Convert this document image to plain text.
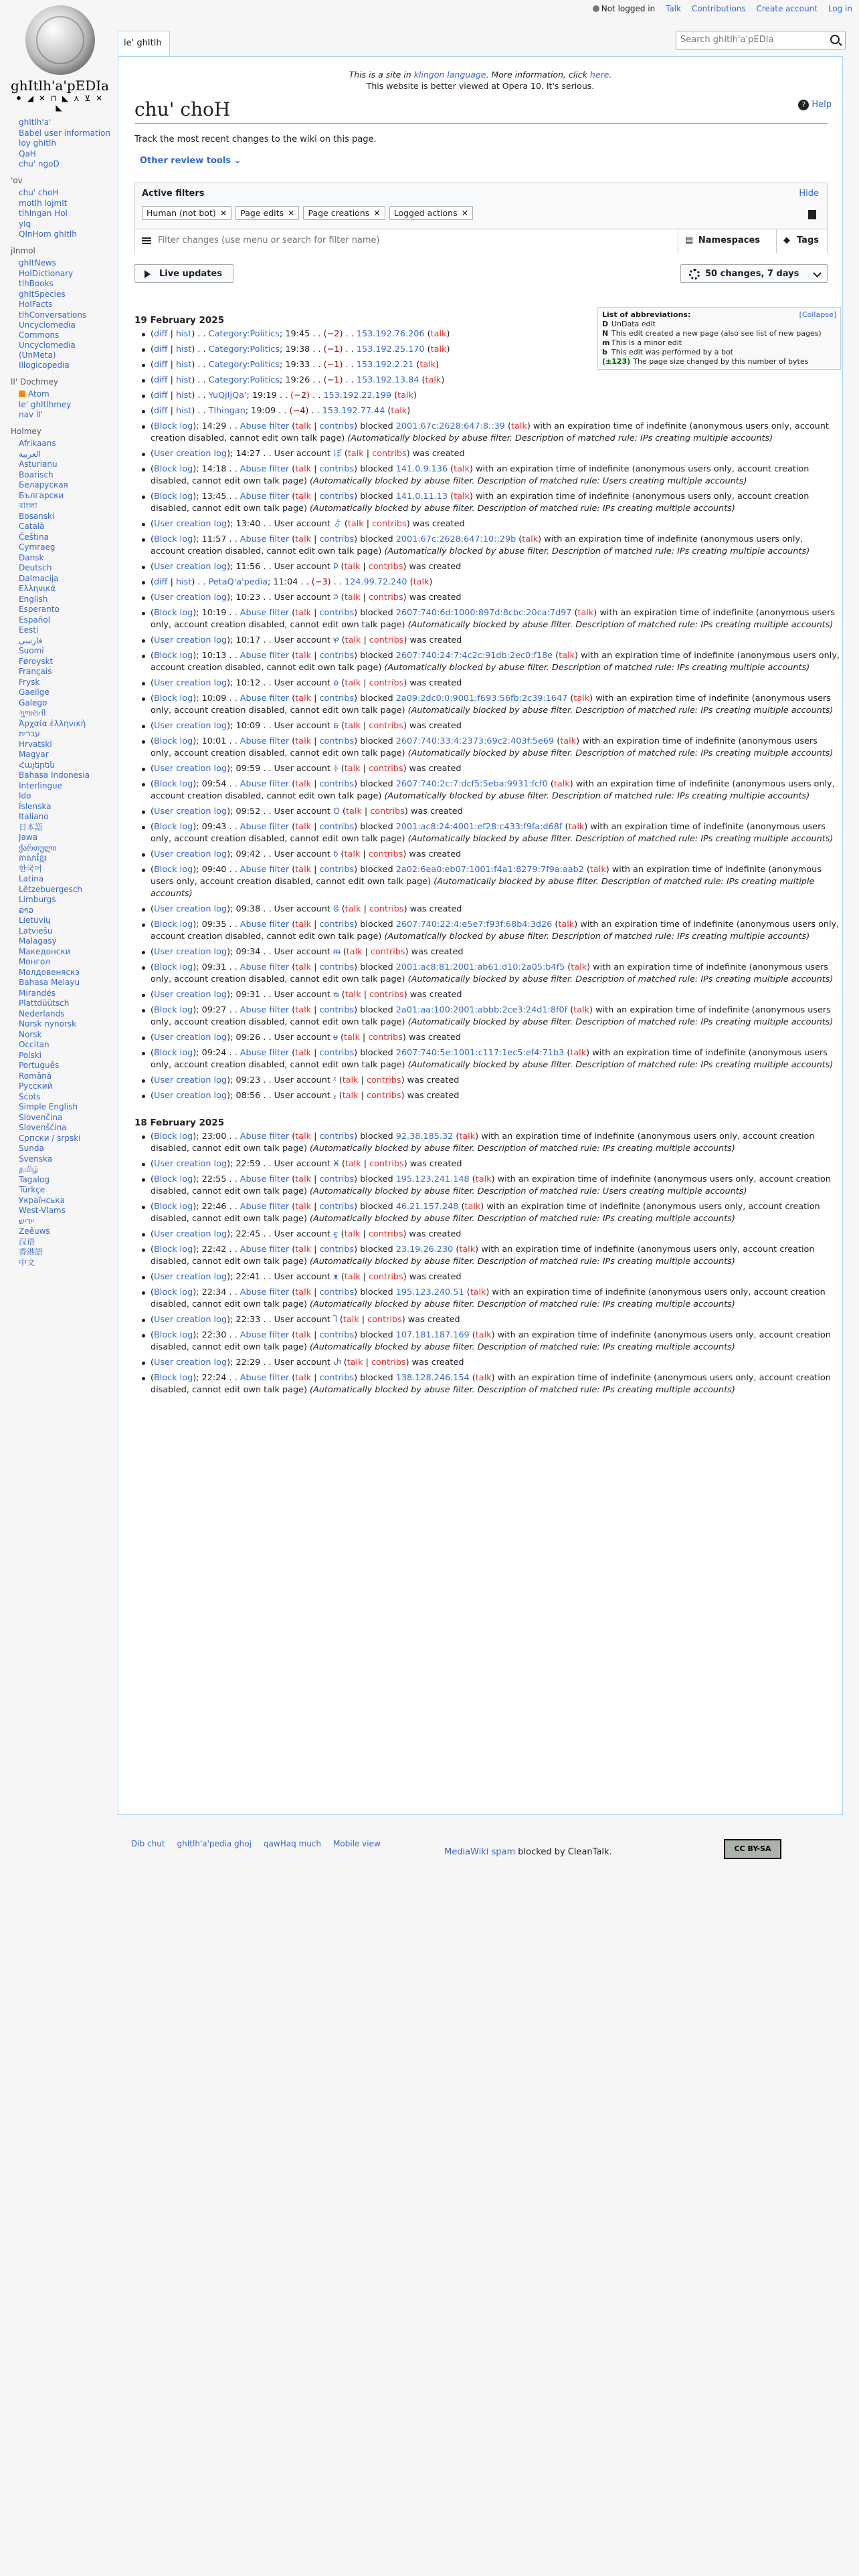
Not logged in Talk Contributions Create account Log in
ghItlh'a'pEDIa
⚫ ◢ ✕ ⊓ ◣ ⋏ ⊻ ✕ ◣
le' ghItlh	Search ghItlh'a'pEDIa
ghItlh'a'
Babel user information
loy ghItlh
QaH
chu' ngoD
'ov
chu' choH
motlh lojmIt
tlhIngan Hol
yIq
QInHom ghItlh
jInmol
ghItNews
HolDictionary
tlhBooks
ghItSpecies
HolFacts
tlhConversations
Uncyclomedia Commons
Uncyclomedia (UnMeta)
Illogicopedia
lI' Dochmey
Atom
le' ghItlhmey
nav lI'
Holmey
Afrikaans
العربية
Asturianu
Boarisch
Беларуская
Български
বাংলা
Bosanski
Català
Čeština
Cymraeg
Dansk
Deutsch
Dalmacija
Ελληνικά
English
Esperanto
Español
Eesti
فارسی
Suomi
Føroyskt
Français
Frysk
Gaeilge
Galego
ગુજરાતી
Ἀρχαία ἑλληνικὴ
עברית
Hrvatski
Magyar
Հայերեն
Bahasa Indonesia
Interlingue
Ido
Íslenska
Italiano
日本語
Jawa
ქართული
ភាសាខ្មែរ
한국어
Latina
Lëtzebuergesch
Limburgs
ລາວ
Lietuvių
Latviešu
Malagasy
Македонски
Монгол
Молдовеняскэ
Bahasa Melayu
Mirandés
Plattdüütsch
Nederlands
Norsk nynorsk
Norsk
Occitan
Polski
Português
Română
Русский
Scots
Simple English
Slovenčina
Slovenščina
Српски / srpski
Sunda
Svenska
தமிழ்
Tagalog
Türkçe
Українська
West-Vlams
ייִדיש
Zeêuws
汉语
香港語
中文
This is a site in klingon language. More information, click here.
This website is better viewed at Opera 10. It's serious.
chu' choH	? Help
Track the most recent changes to the wiki on this page.
Other review tools ⌄
Active filters	Hide
Human (not bot) ✕ Page edits ✕ Page creations ✕ Logged actions ✕
Filter changes (use menu or search for filter name)	▤ Namespaces	◆ Tags
Live updates	50 changes, 7 days
List of abbreviations:	[Collapse]
D UnData edit
N This edit created a new page (also see list of new pages)
m This is a minor edit
b This edit was performed by a bot
(±123) The page size changed by this number of bytes
19 February 2025
(diff | hist) . . Category:Politics; 19:45 . . (−2) . . 153.192.76.206 (talk)
(diff | hist) . . Category:Politics; 19:38 . . (−1) . . 153.192.25.170 (talk)
(diff | hist) . . Category:Politics; 19:33 . . (−1) . . 153.192.2.21 (talk)
(diff | hist) . . Category:Politics; 19:26 . . (−1) . . 153.192.13.84 (talk)
(diff | hist) . . YuQjIjQa'; 19:19 . . (−2) . . 153.192.22.199 (talk)
(diff | hist) . . Tlhingan; 19:09 . . (−4) . . 153.192.77.44 (talk)
(Block log); 14:29 . . Abuse filter (talk | contribs) blocked 2001:67c:2628:647:8::39 (talk) with an expiration time of indefinite (anonymous users only, account creation disabled, cannot edit own talk page) (Automatically blocked by abuse filter. Description of matched rule: IPs creating multiple accounts)
(User creation log); 14:27 . . User account ぼ (talk | contribs) was created
(Block log); 14:18 . . Abuse filter (talk | contribs) blocked 141.0.9.136 (talk) with an expiration time of indefinite (anonymous users only, account creation disabled, cannot edit own talk page) (Automatically blocked by abuse filter. Description of matched rule: Users creating multiple accounts)
(Block log); 13:45 . . Abuse filter (talk | contribs) blocked 141.0.11.13 (talk) with an expiration time of indefinite (anonymous users only, account creation disabled, cannot edit own talk page) (Automatically blocked by abuse filter. Description of matched rule: IPs creating multiple accounts)
(User creation log); 13:40 . . User account ゟ (talk | contribs) was created
(Block log); 11:57 . . Abuse filter (talk | contribs) blocked 2001:67c:2628:647:10::29b (talk) with an expiration time of indefinite (anonymous users only, account creation disabled, cannot edit own talk page) (Automatically blocked by abuse filter. Description of matched rule: IPs creating multiple accounts)
(User creation log); 11:56 . . User account ᱞ (talk | contribs) was created
(diff | hist) . . PetaQ'a'pedia; 11:04 . . (−3) . . 124.99.72.240 (talk)
(User creation log); 10:23 . . User account ᰎ (talk | contribs) was created
(Block log); 10:19 . . Abuse filter (talk | contribs) blocked 2607:740:6d:1000:897d:8cbc:20ca:7d97 (talk) with an expiration time of indefinite (anonymous users only, account creation disabled, cannot edit own talk page) (Automatically blocked by abuse filter. Description of matched rule: IPs creating multiple accounts)
(User creation log); 10:17 . . User account ᰋ (talk | contribs) was created
(Block log); 10:13 . . Abuse filter (talk | contribs) blocked 2607:740:24:7:4c2c:91db:2ec0:f18e (talk) with an expiration time of indefinite (anonymous users only, account creation disabled, cannot edit own talk page) (Automatically blocked by abuse filter. Description of matched rule: IPs creating multiple accounts)
(User creation log); 10:12 . . User account ᰟ (talk | contribs) was created
(Block log); 10:09 . . Abuse filter (talk | contribs) blocked 2a09:2dc0:0:9001:f693:56fb:2c39:1647 (talk) with an expiration time of indefinite (anonymous users only, account creation disabled, cannot edit own talk page) (Automatically blocked by abuse filter. Description of matched rule: IPs creating multiple accounts)
(User creation log); 10:09 . . User account ᰑ (talk | contribs) was created
(Block log); 10:01 . . Abuse filter (talk | contribs) blocked 2607:740:33:4:2373:69c2:403f:5e69 (talk) with an expiration time of indefinite (anonymous users only, account creation disabled, cannot edit own talk page) (Automatically blocked by abuse filter. Description of matched rule: IPs creating multiple accounts)
(User creation log); 09:59 . . User account ᛄ (talk | contribs) was created
(Block log); 09:54 . . Abuse filter (talk | contribs) blocked 2607:740:2c:7:dcf5:5eba:9931:fcf0 (talk) with an expiration time of indefinite (anonymous users only, account creation disabled, cannot edit own talk page) (Automatically blocked by abuse filter. Description of matched rule: IPs creating multiple accounts)
(User creation log); 09:52 . . User account ᱛ (talk | contribs) was created
(Block log); 09:43 . . Abuse filter (talk | contribs) blocked 2001:ac8:24:4001:ef28:c433:f9fa:d68f (talk) with an expiration time of indefinite (anonymous users only, account creation disabled, cannot edit own talk page) (Automatically blocked by abuse filter. Description of matched rule: IPs creating multiple accounts)
(User creation log); 09:42 . . User account ᱠ (talk | contribs) was created
(Block log); 09:40 . . Abuse filter (talk | contribs) blocked 2a02:6ea0:eb07:1001:f4a1:8279:7f9a:aab2 (talk) with an expiration time of indefinite (anonymous users only, account creation disabled, cannot edit own talk page) (Automatically blocked by abuse filter. Description of matched rule: IPs creating multiple accounts)
(User creation log); 09:38 . . User account ᱜ (talk | contribs) was created
(Block log); 09:35 . . Abuse filter (talk | contribs) blocked 2607:740:22:4:e5e7:f93f:68b4:3d26 (talk) with an expiration time of indefinite (anonymous users only, account creation disabled, cannot edit own talk page) (Automatically blocked by abuse filter. Description of matched rule: IPs creating multiple accounts)
(User creation log); 09:34 . . User account ᵯ (talk | contribs) was created
(Block log); 09:31 . . Abuse filter (talk | contribs) blocked 2001:ac8:81:2001:ab61:d10:2a05:b4f5 (talk) with an expiration time of indefinite (anonymous users only, account creation disabled, cannot edit own talk page) (Automatically blocked by abuse filter. Description of matched rule: IPs creating multiple accounts)
(User creation log); 09:31 . . User account ᴓ (talk | contribs) was created
(Block log); 09:27 . . Abuse filter (talk | contribs) blocked 2a01:aa:100:2001:abbb:2ce3:24d1:8f0f (talk) with an expiration time of indefinite (anonymous users only, account creation disabled, cannot edit own talk page) (Automatically blocked by abuse filter. Description of matched rule: IPs creating multiple accounts)
(User creation log); 09:26 . . User account ᵾ (talk | contribs) was created
(Block log); 09:24 . . Abuse filter (talk | contribs) blocked 2607:740:5e:1001:c117:1ec5:ef4:71b3 (talk) with an expiration time of indefinite (anonymous users only, account creation disabled, cannot edit own talk page) (Automatically blocked by abuse filter. Description of matched rule: IPs creating multiple accounts)
(User creation log); 09:23 . . User account ᵡ (talk | contribs) was created
(User creation log); 08:56 . . User account ᵪ (talk | contribs) was created
18 February 2025
(Block log); 23:00 . . Abuse filter (talk | contribs) blocked 92.38.185.32 (talk) with an expiration time of indefinite (anonymous users only, account creation disabled, cannot edit own talk page) (Automatically blocked by abuse filter. Description of matched rule: IPs creating multiple accounts)
(User creation log); 22:59 . . User account Ӿ (talk | contribs) was created
(Block log); 22:55 . . Abuse filter (talk | contribs) blocked 195.123.241.148 (talk) with an expiration time of indefinite (anonymous users only, account creation disabled, cannot edit own talk page) (Automatically blocked by abuse filter. Description of matched rule: Users creating multiple accounts)
(Block log); 22:46 . . Abuse filter (talk | contribs) blocked 46.21.157.248 (talk) with an expiration time of indefinite (anonymous users only, account creation disabled, cannot edit own talk page) (Automatically blocked by abuse filter. Description of matched rule: IPs creating multiple accounts)
(User creation log); 22:45 . . User account ӻ (talk | contribs) was created
(Block log); 22:42 . . Abuse filter (talk | contribs) blocked 23.19.26.230 (talk) with an expiration time of indefinite (anonymous users only, account creation disabled, cannot edit own talk page) (Automatically blocked by abuse filter. Description of matched rule: IPs creating multiple accounts)
(User creation log); 22:41 . . User account ᴥ (talk | contribs) was created
(Block log); 22:34 . . Abuse filter (talk | contribs) blocked 195.123.240.51 (talk) with an expiration time of indefinite (anonymous users only, account creation disabled, cannot edit own talk page) (Automatically blocked by abuse filter. Description of matched rule: IPs creating multiple accounts)
(User creation log); 22:33 . . User account Ⴈ (talk | contribs) was created
(Block log); 22:30 . . Abuse filter (talk | contribs) blocked 107.181.187.169 (talk) with an expiration time of indefinite (anonymous users only, account creation disabled, cannot edit own talk page) (Automatically blocked by abuse filter. Description of matched rule: IPs creating multiple accounts)
(User creation log); 22:29 . . User account Ⴐ (talk | contribs) was created
(Block log); 22:24 . . Abuse filter (talk | contribs) blocked 138.128.246.154 (talk) with an expiration time of indefinite (anonymous users only, account creation disabled, cannot edit own talk page) (Automatically blocked by abuse filter. Description of matched rule: IPs creating multiple accounts)
Dib chut ghItlh'a'pedia ghoj qawHaq much Mobile view
MediaWiki spam blocked by CleanTalk.	CC BY-SA
